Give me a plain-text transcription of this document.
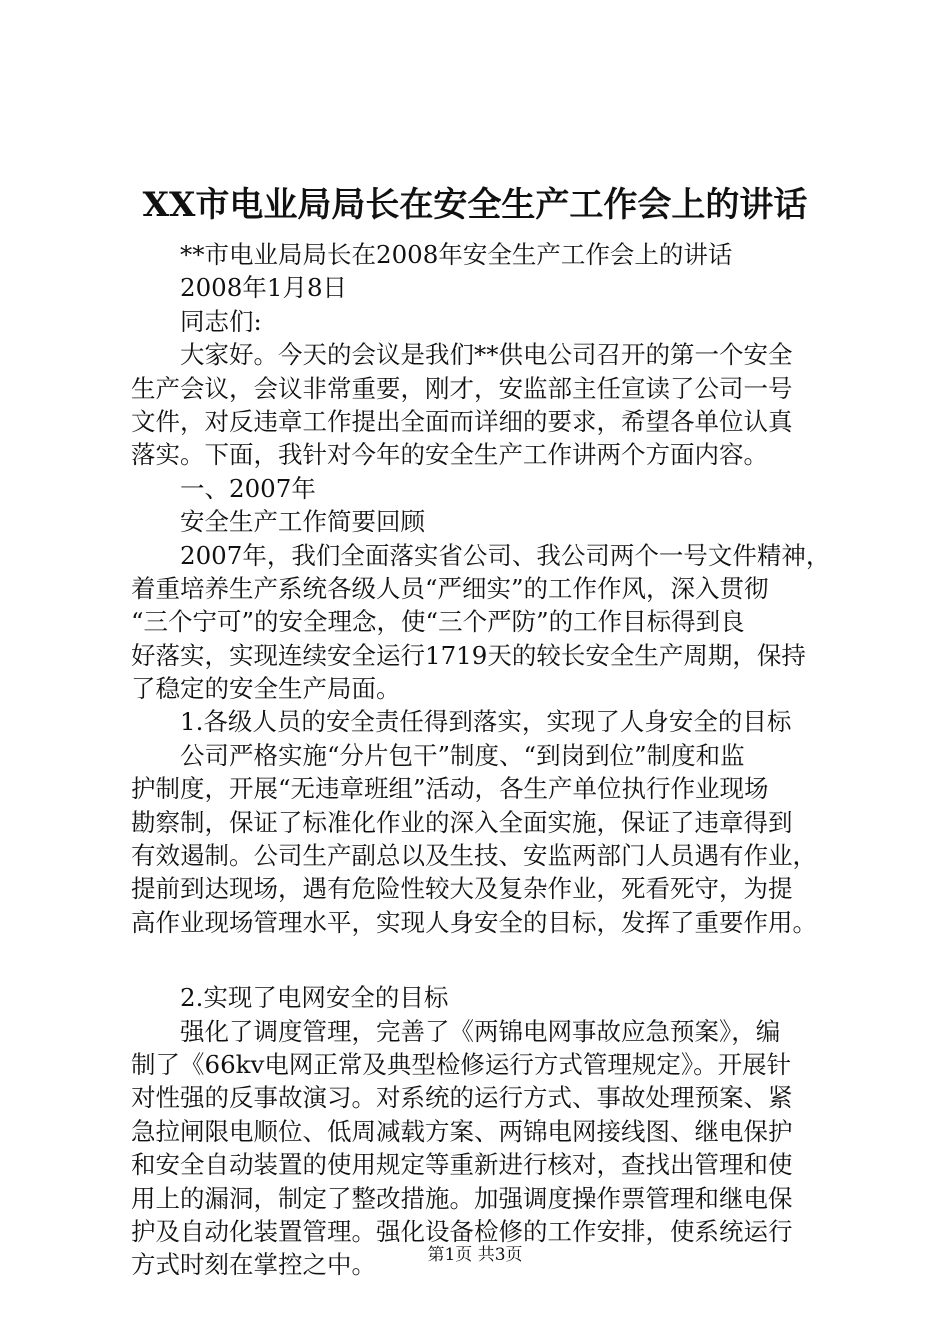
XX市电业局局长在安全生产工作会上的讲话
**市电业局局长在2008年安全生产工作会上的讲话
2008年1月8日
同志们:
大家好。今天的会议是我们**供电公司召开的第一个安全
生产会议，会议非常重要，刚才，安监部主任宣读了公司一号
文件，对反违章工作提出全面而详细的要求，希望各单位认真
落实。下面，我针对今年的安全生产工作讲两个方面内容。
一、2007年
安全生产工作简要回顾
2007年，我们全面落实省公司、我公司两个一号文件精神，
着重培养生产系统各级人员“严细实”的工作作风，深入贯彻
“三个宁可”的安全理念，使“三个严防”的工作目标得到良
好落实，实现连续安全运行1719天的较长安全生产周期，保持
了稳定的安全生产局面。
1.各级人员的安全责任得到落实，实现了人身安全的目标
公司严格实施“分片包干”制度、“到岗到位”制度和监
护制度，开展“无违章班组”活动，各生产单位执行作业现场
勘察制，保证了标准化作业的深入全面实施，保证了违章得到
有效遏制。公司生产副总以及生技、安监两部门人员遇有作业，
提前到达现场，遇有危险性较大及复杂作业，死看死守，为提
高作业现场管理水平，实现人身安全的目标，发挥了重要作用。
2.实现了电网安全的目标
强化了调度管理，完善了《两锦电网事故应急预案》，编
制了《66kv电网正常及典型检修运行方式管理规定》。开展针
对性强的反事故演习。对系统的运行方式、事故处理预案、紧
急拉闸限电顺位、低周减载方案、两锦电网接线图、继电保护
和安全自动装置的使用规定等重新进行核对，查找出管理和使
用上的漏洞，制定了整改措施。加强调度操作票管理和继电保
护及自动化装置管理。强化设备检修的工作安排，使系统运行
方式时刻在掌控之中。	第1页 共3页
